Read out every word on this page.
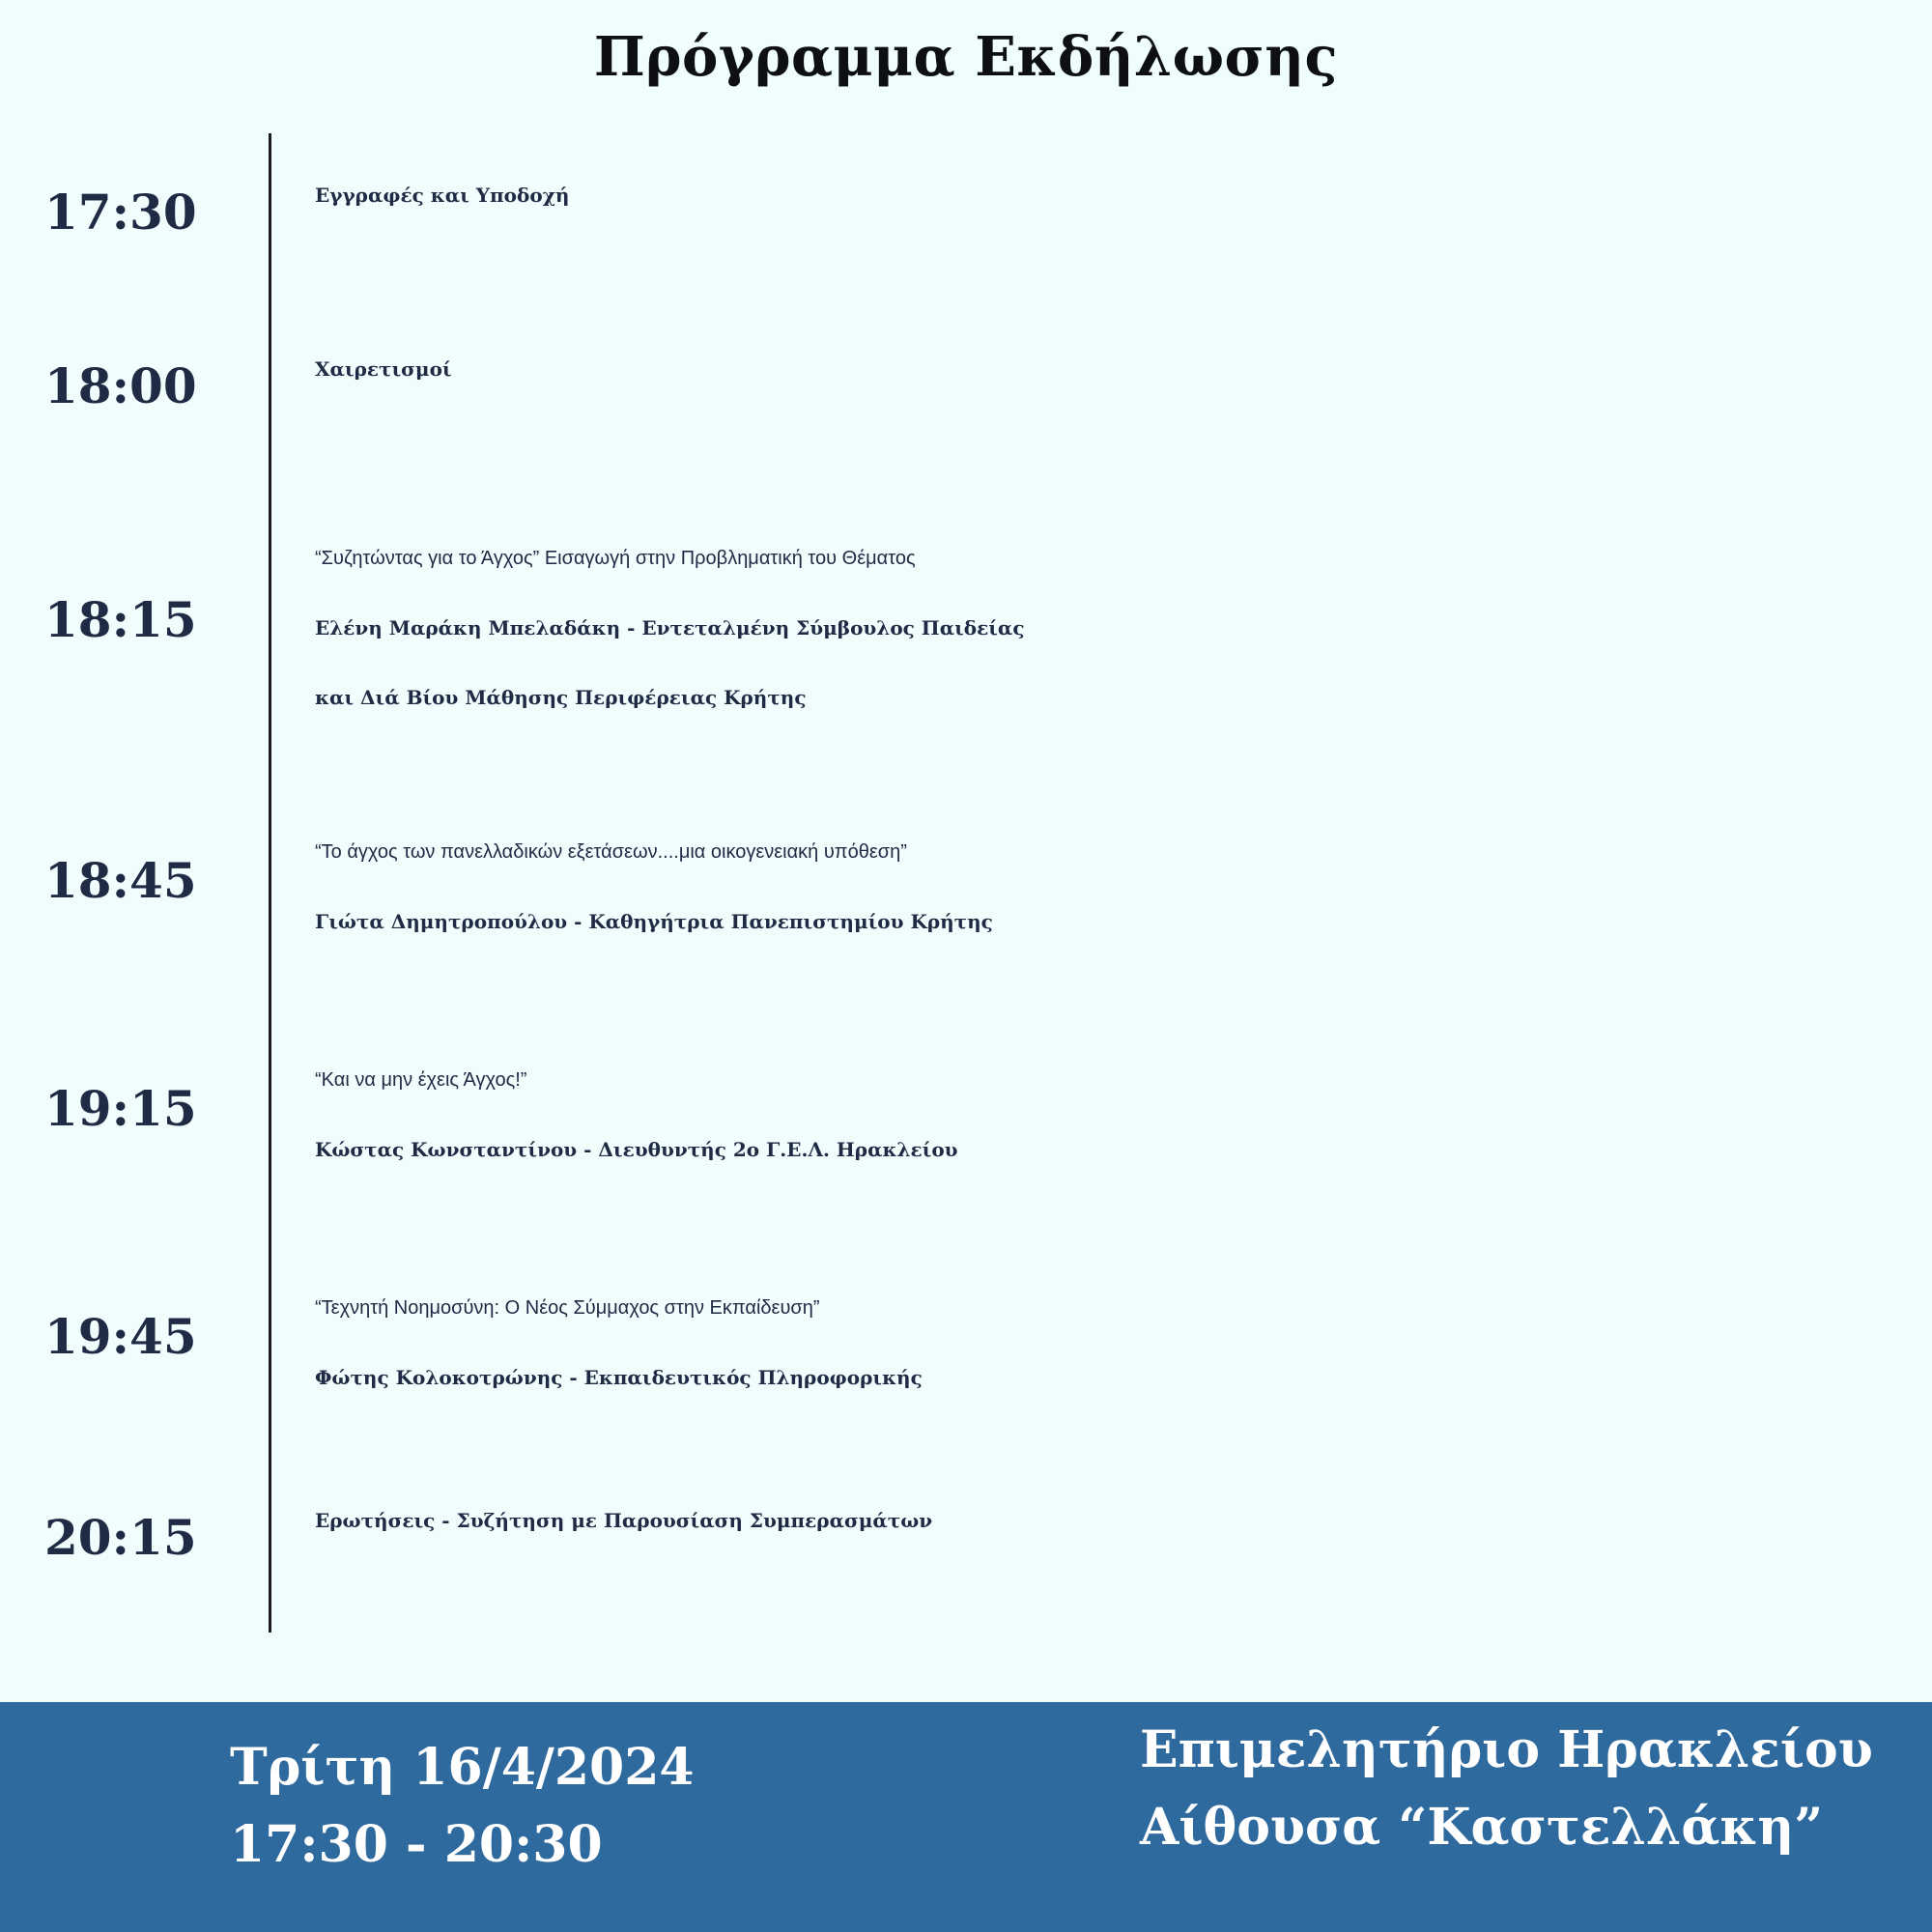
Πρόγραμμα Εκδήλωσης
17:30	Εγγραφές και Υποδοχή
18:00	Χαιρετισμοί
18:15
“Συζητώντας για το Άγχος” Εισαγωγή στην Προβληματική του Θέματος
Ελένη Μαράκη Μπελαδάκη - Εντεταλμένη Σύμβουλος Παιδείας
και Διά Βίου Μάθησης Περιφέρειας Κρήτης
18:45	“Το άγχος των πανελλαδικών εξετάσεων....μια οικογενειακή υπόθεση”
Γιώτα Δημητροπούλου - Καθηγήτρια Πανεπιστημίου Κρήτης
19:15	“Και να μην έχεις Άγχος!”
Κώστας Κωνσταντίνου - Διευθυντής 2ο Γ.Ε.Λ. Ηρακλείου
19:45	“Τεχνητή Νοημοσύνη: Ο Νέος Σύμμαχος στην Εκπαίδευση”
Φώτης Κολοκοτρώνης - Εκπαιδευτικός Πληροφορικής
20:15	Ερωτήσεις - Συζήτηση με Παρουσίαση Συμπερασμάτων
Τρίτη 16/4/2024
17:30 - 20:30
Επιμελητήριο Ηρακλείου
Αίθουσα “Καστελλάκη”
